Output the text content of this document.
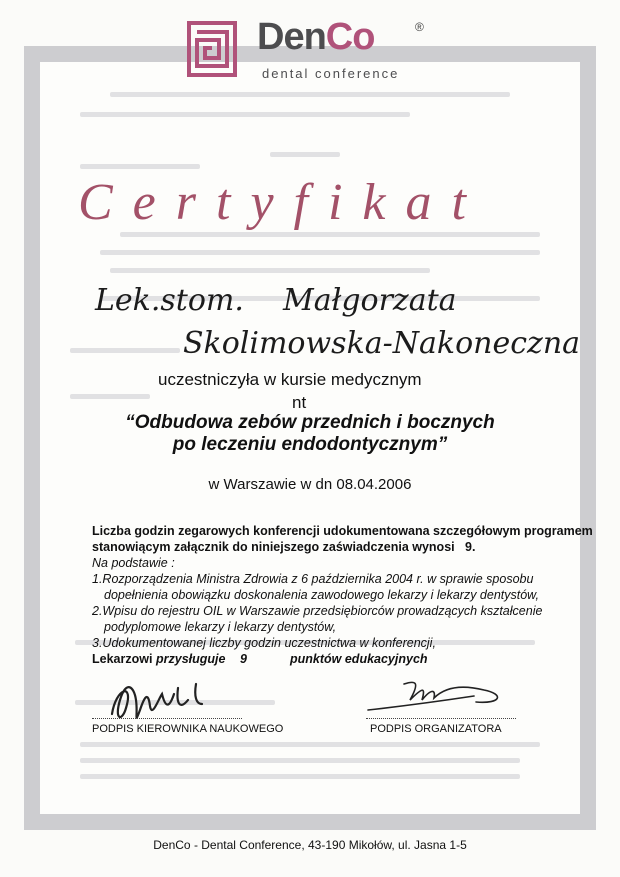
DenCo	®
dental conference
Certyfikat
Lek.stom. Małgorzata
Skolimowska-Nakoneczna
uczestniczyła w kursie medycznym
nt
“Odbudowa zebów przednich i bocznych
po leczeniu endodontycznym”
w Warszawie w dn 08.04.2006
Liczba godzin zegarowych konferencji udokumentowana szczegółowym programem
stanowiącym załącznik do niniejszego zaświadczenia wynosi 9.
Na podstawie :
1.Rozporządzenia Ministra Zdrowia z 6 października 2004 r. w sprawie sposobu
dopełnienia obowiązku doskonalenia zawodowego lekarzy i lekarzy dentystów,
2.Wpisu do rejestru OIL w Warszawie przedsiębiorców prowadzących kształcenie
podyplomowe lekarzy i lekarzy dentystów,
3.Udokumentowanej liczby godzin uczestnictwa w konferencji,
Lekarzowi przysługuje 9	punktów edukacyjnych
PODPIS KIEROWNIKA NAUKOWEGO	PODPIS ORGANIZATORA
DenCo - Dental Conference, 43-190 Mikołów, ul. Jasna 1-5
